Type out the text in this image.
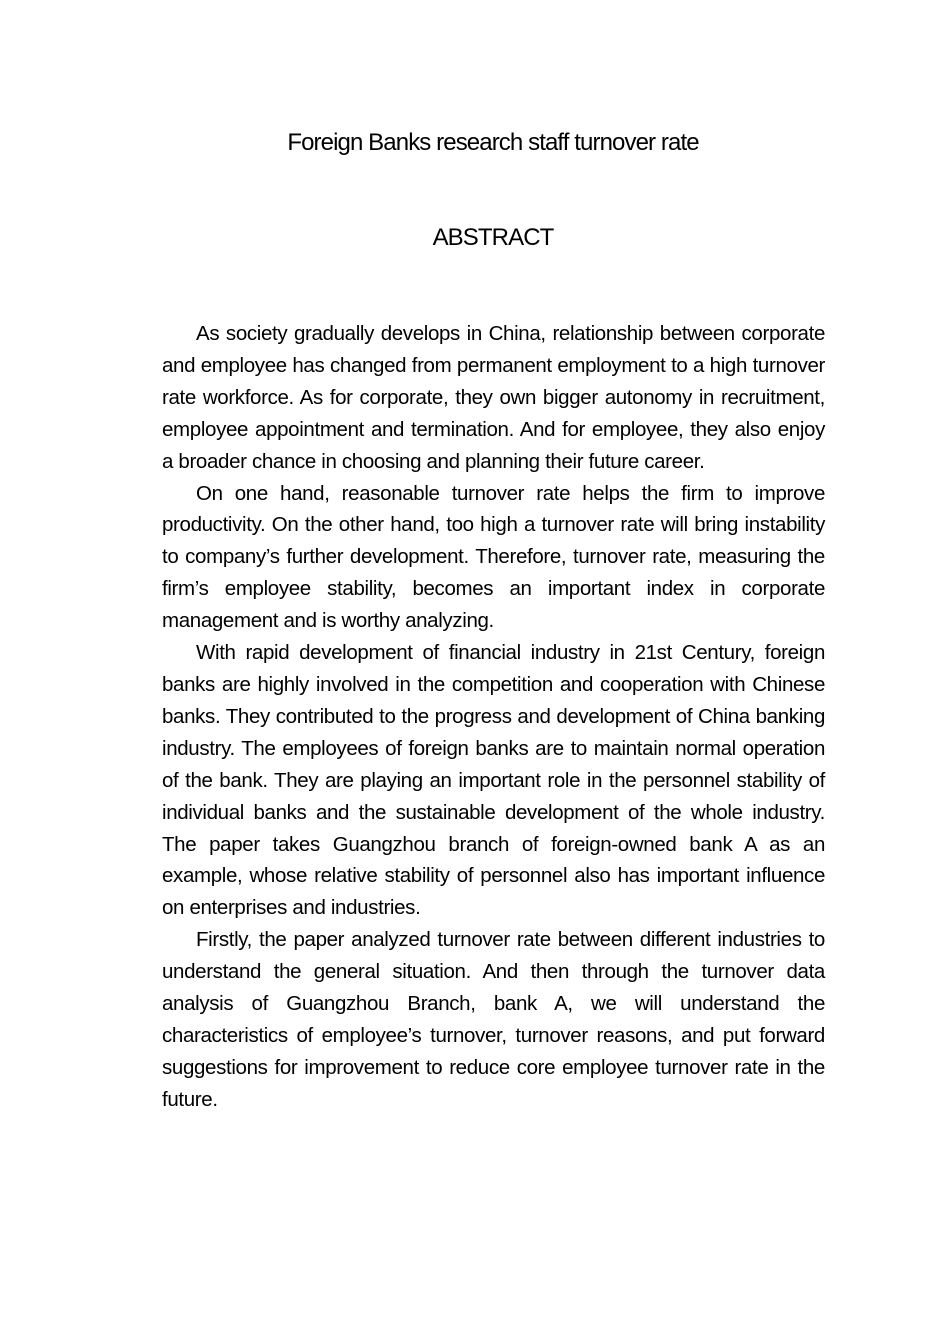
Foreign Banks research staff turnover rate
ABSTRACT

As society gradually develops in China, relationship between corporate and employee has changed from permanent employment to a high turnover rate workforce. As for corporate, they own bigger autonomy in recruitment, employee appointment and termination. And for employee, they also enjoy a broader chance in choosing and planning their future career.

On one hand, reasonable turnover rate helps the firm to improve productivity. On the other hand, too high a turnover rate will bring instability to company’s further development. Therefore, turnover rate, measuring the firm’s employee stability, becomes an important index in corporate management and is worthy analyzing.

With rapid development of financial industry in 21st Century, foreign banks are highly involved in the competition and cooperation with Chinese banks. They contributed to the progress and development of China banking industry. The employees of foreign banks are to maintain normal operation of the bank. They are playing an important role in the personnel stability of individual banks and the sustainable development of the whole industry. The paper takes Guangzhou branch of foreign-owned bank A as an example, whose relative stability of personnel also has important influence on enterprises and industries.

Firstly, the paper analyzed turnover rate between different industries to understand the general situation. And then through the turnover data analysis of Guangzhou Branch, bank A, we will understand the characteristics of employee’s turnover, turnover reasons, and put forward suggestions for improvement to reduce core employee turnover rate in the future.
